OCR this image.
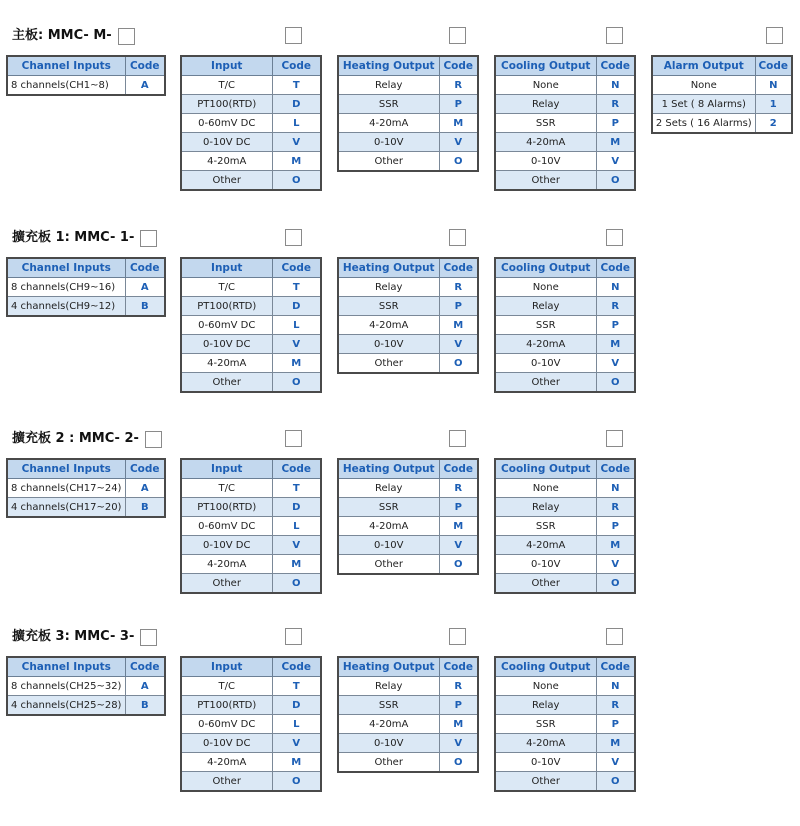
主板: MMC- M-
Channel Inputs	Code
8 channels(CH1~8)	A
Input	Code
T/C	T
PT100(RTD)	D
0-60mV DC	L
0-10V DC	V
4-20mA	M
Other	O
Heating Output	Code
Relay	R
SSR	P
4-20mA	M
0-10V	V
Other	O
Cooling Output	Code
None	N
Relay	R
SSR	P
4-20mA	M
0-10V	V
Other	O
Alarm Output	Code
None	N
1 Set ( 8 Alarms)	1
2 Sets ( 16 Alarms)	2
擴充板 1: MMC- 1-
Channel Inputs	Code
8 channels(CH9~16)	A
4 channels(CH9~12)	B
Input	Code
T/C	T
PT100(RTD)	D
0-60mV DC	L
0-10V DC	V
4-20mA	M
Other	O
Heating Output	Code
Relay	R
SSR	P
4-20mA	M
0-10V	V
Other	O
Cooling Output	Code
None	N
Relay	R
SSR	P
4-20mA	M
0-10V	V
Other	O
擴充板 2 : MMC- 2-
Channel Inputs	Code
8 channels(CH17~24)	A
4 channels(CH17~20)	B
Input	Code
T/C	T
PT100(RTD)	D
0-60mV DC	L
0-10V DC	V
4-20mA	M
Other	O
Heating Output	Code
Relay	R
SSR	P
4-20mA	M
0-10V	V
Other	O
Cooling Output	Code
None	N
Relay	R
SSR	P
4-20mA	M
0-10V	V
Other	O
擴充板 3: MMC- 3-
Channel Inputs	Code
8 channels(CH25~32)	A
4 channels(CH25~28)	B
Input	Code
T/C	T
PT100(RTD)	D
0-60mV DC	L
0-10V DC	V
4-20mA	M
Other	O
Heating Output	Code
Relay	R
SSR	P
4-20mA	M
0-10V	V
Other	O
Cooling Output	Code
None	N
Relay	R
SSR	P
4-20mA	M
0-10V	V
Other	O
